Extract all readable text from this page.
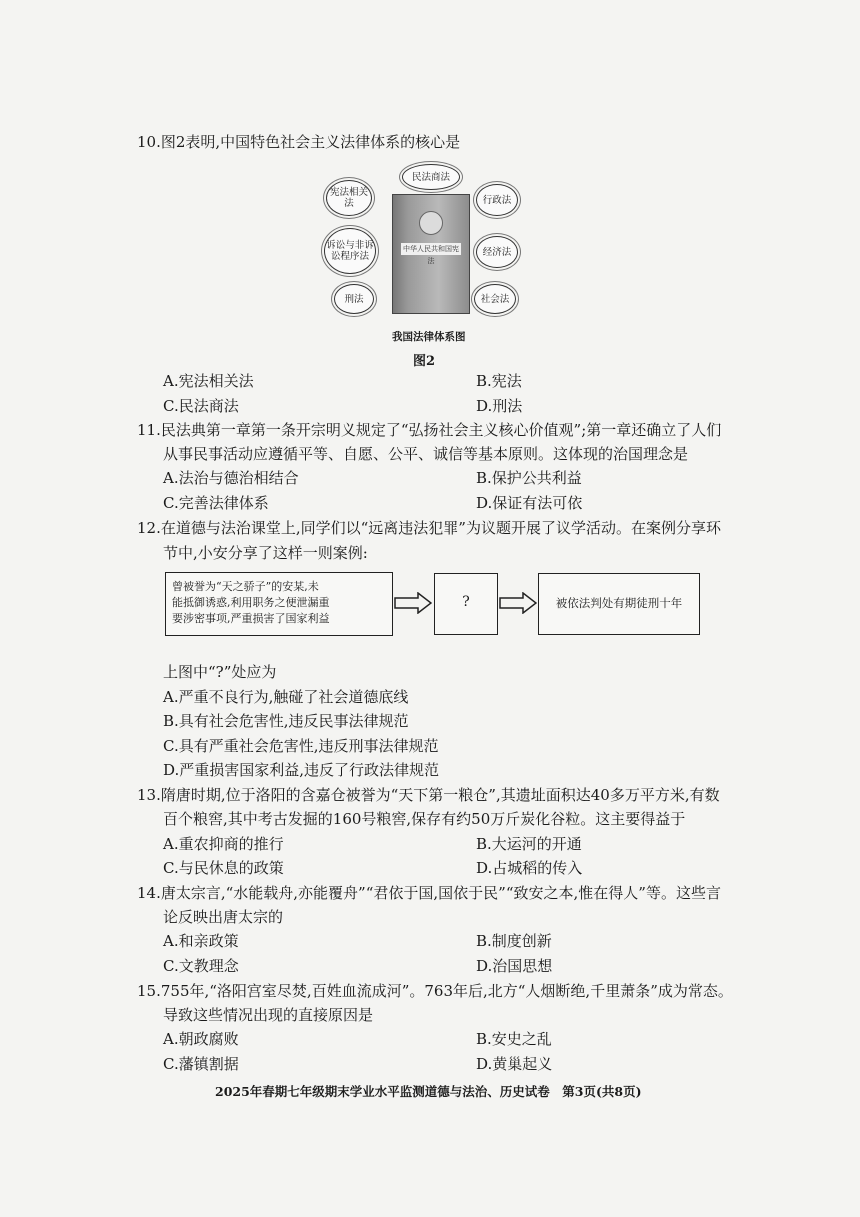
10.图2表明,中国特色社会主义法律体系的核心是
中华人民共和国宪法
宪法相关法
民法商法
行政法
诉讼与非诉讼程序法	经济法
刑法	社会法
我国法律体系图
图2
A.宪法相关法	B.宪法
C.民法商法	D.刑法
11.民法典第一章第一条开宗明义规定了“弘扬社会主义核心价值观”;第一章还确立了人们
从事民事活动应遵循平等、自愿、公平、诚信等基本原则。这体现的治国理念是
A.法治与德治相结合	B.保护公共利益
C.完善法律体系	D.保证有法可依
12.在道德与法治课堂上,同学们以“远离违法犯罪”为议题开展了议学活动。在案例分享环
节中,小安分享了这样一则案例:
曾被誉为“天之骄子”的安某,未
能抵御诱惑,利用职务之便泄漏重
要涉密事项,严重损害了国家利益
?	被依法判处有期徒刑十年
上图中“?”处应为
A.严重不良行为,触碰了社会道德底线
B.具有社会危害性,违反民事法律规范
C.具有严重社会危害性,违反刑事法律规范
D.严重损害国家利益,违反了行政法律规范
13.隋唐时期,位于洛阳的含嘉仓被誉为“天下第一粮仓”,其遗址面积达40多万平方米,有数
百个粮窖,其中考古发掘的160号粮窖,保存有约50万斤炭化谷粒。这主要得益于
A.重农抑商的推行	B.大运河的开通
C.与民休息的政策	D.占城稻的传入
14.唐太宗言,“水能载舟,亦能覆舟”“君依于国,国依于民”“致安之本,惟在得人”等。这些言
论反映出唐太宗的
A.和亲政策	B.制度创新
C.文教理念	D.治国思想
15.755年,“洛阳宫室尽焚,百姓血流成河”。763年后,北方“人烟断绝,千里萧条”成为常态。
导致这些情况出现的直接原因是
A.朝政腐败	B.安史之乱
C.藩镇割据	D.黄巢起义
2025年春期七年级期末学业水平监测道德与法治、历史试卷　第3页(共8页)
